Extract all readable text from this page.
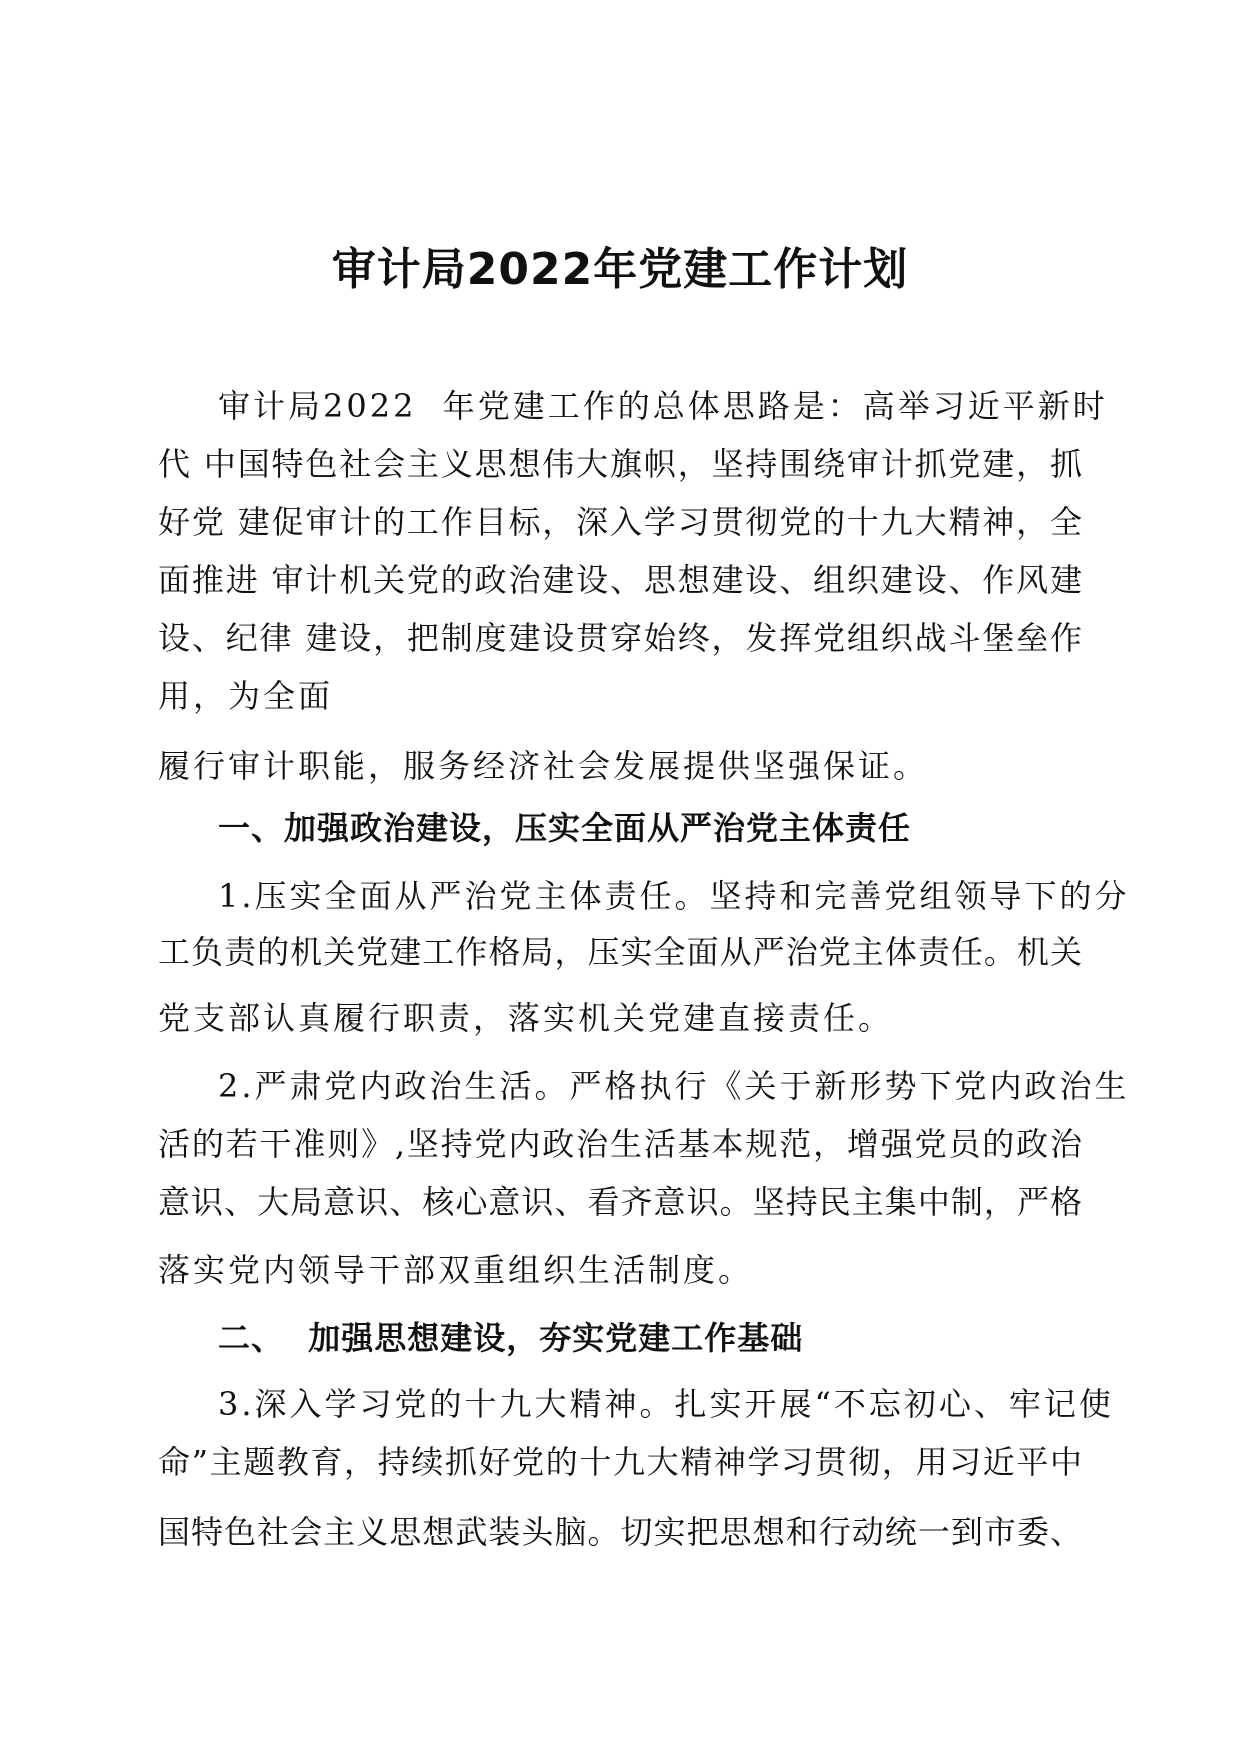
审计局2022年党建工作计划
审计局2022  年党建工作的总体思路是：高举习近平新时
代 中国特色社会主义思想伟大旗帜，坚持围绕审计抓党建，抓
好党 建促审计的工作目标，深入学习贯彻党的十九大精神，全
面推进 审计机关党的政治建设、思想建设、组织建设、作风建
设、纪律 建设，把制度建设贯穿始终，发挥党组织战斗堡垒作
用，为全面
履行审计职能，服务经济社会发展提供坚强保证。
一、加强政治建设，压实全面从严治党主体责任
1.压实全面从严治党主体责任。坚持和完善党组领导下的分
工负责的机关党建工作格局，压实全面从严治党主体责任。机关
党支部认真履行职责，落实机关党建直接责任。
2.严肃党内政治生活。严格执行《关于新形势下党内政治生
活的若干准则》,坚持党内政治生活基本规范，增强党员的政治
意识、大局意识、核心意识、看齐意识。坚持民主集中制，严格
落实党内领导干部双重组织生活制度。
二、  加强思想建设，夯实党建工作基础
3.深入学习党的十九大精神。扎实开展“不忘初心、牢记使
命”主题教育，持续抓好党的十九大精神学习贯彻，用习近平中
国特色社会主义思想武装头脑。切实把思想和行动统一到市委、
